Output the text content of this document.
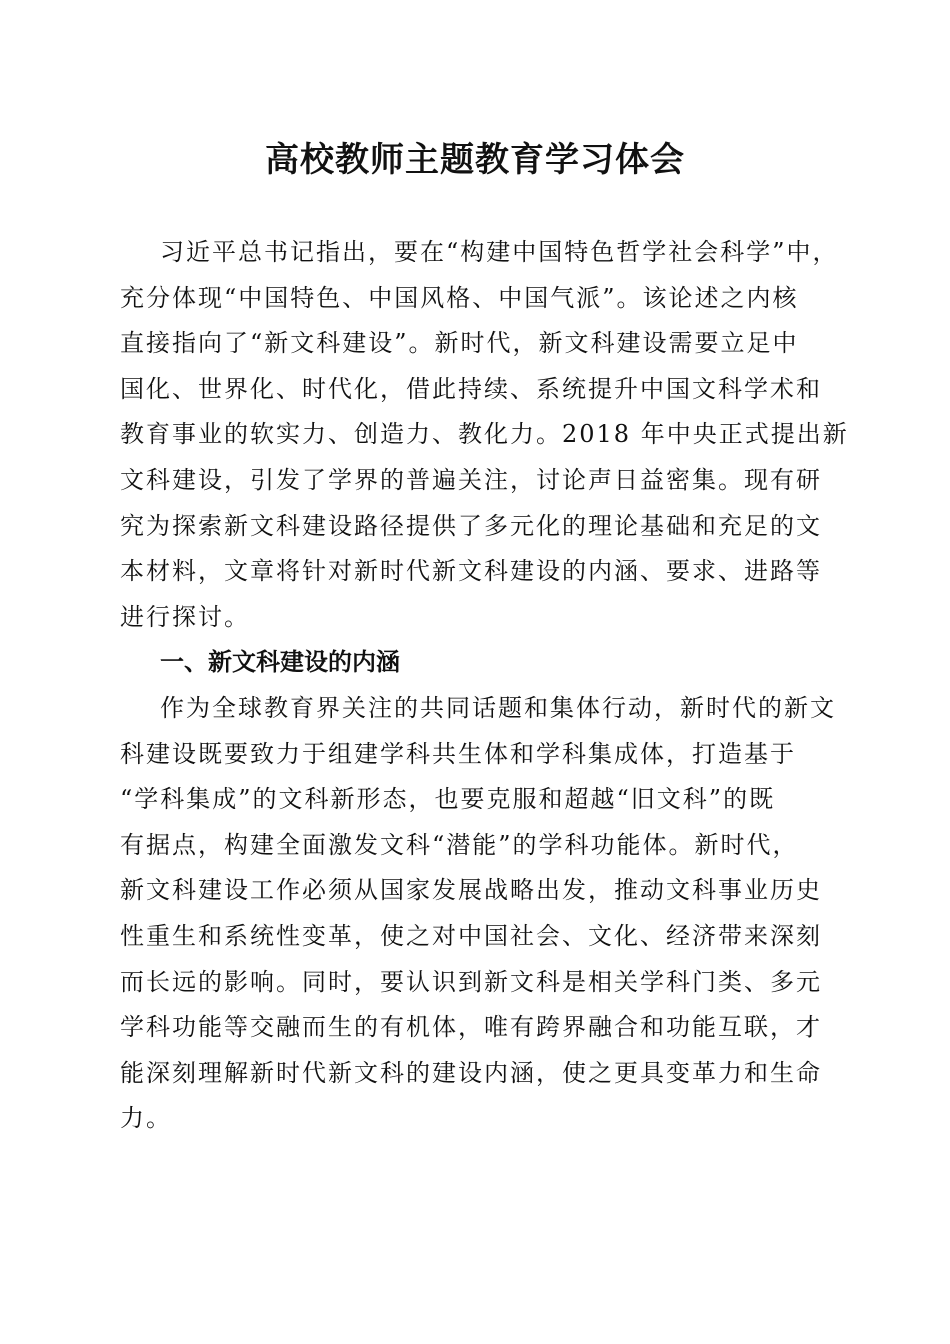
高校教师主题教育学习体会
习近平总书记指出，要在“构建中国特色哲学社会科学”中，
充分体现“中国特色、中国风格、中国气派”。该论述之内核
直接指向了“新文科建设”。新时代，新文科建设需要立足中
国化、世界化、时代化，借此持续、系统提升中国文科学术和
教育事业的软实力、创造力、教化力。2018 年中央正式提出新
文科建设，引发了学界的普遍关注，讨论声日益密集。现有研
究为探索新文科建设路径提供了多元化的理论基础和充足的文
本材料，文章将针对新时代新文科建设的内涵、要求、进路等
进行探讨。
一、新文科建设的内涵
作为全球教育界关注的共同话题和集体行动，新时代的新文
科建设既要致力于组建学科共生体和学科集成体，打造基于
“学科集成”的文科新形态，也要克服和超越“旧文科”的既
有据点，构建全面激发文科“潜能”的学科功能体。新时代，
新文科建设工作必须从国家发展战略出发，推动文科事业历史
性重生和系统性变革，使之对中国社会、文化、经济带来深刻
而长远的影响。同时，要认识到新文科是相关学科门类、多元
学科功能等交融而生的有机体，唯有跨界融合和功能互联，才
能深刻理解新时代新文科的建设内涵，使之更具变革力和生命
力。
